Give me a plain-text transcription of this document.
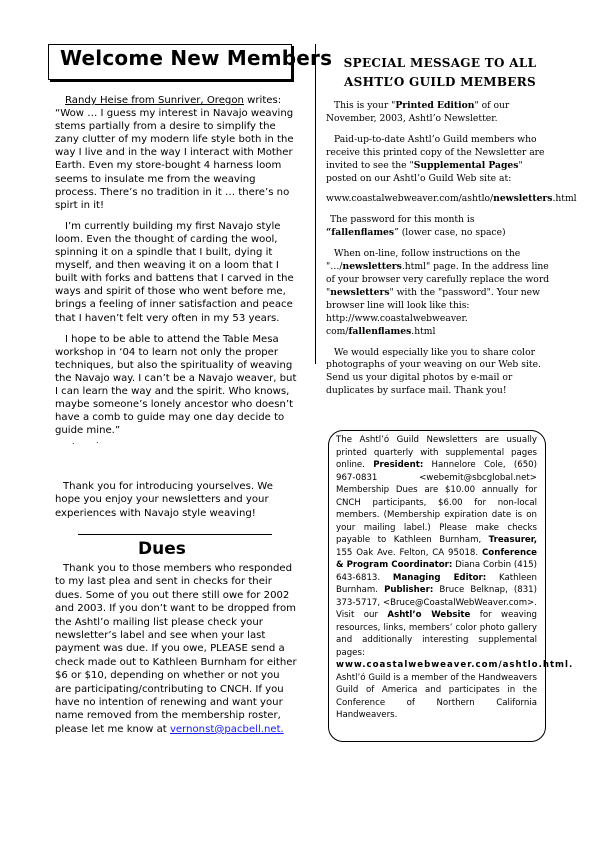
Welcome New Members

Randy Heise from Sunriver, Oregon writes: “Wow … I guess my interest in Navajo weaving stems partially from a desire to simplify the zany clutter of my modern life style both in the way I live and in the way I interact with Mother Earth. Even my store-bought 4 harness loom seems to insulate me from the weaving process. There’s no tradition in it … there’s no spirt in it!

I’m currently building my first Navajo style loom. Even the thought of carding the wool, spinning it on a spindle that I built, dying it myself, and then weaving it on a loom that I built with forks and battens that I carved in the ways and spirit of those who went before me, brings a feeling of inner satisfaction and peace that I haven’t felt very often in my 53 years.

I hope to be able to attend the Table Mesa workshop in ‘04 to learn not only the proper techniques, but also the spirituality of weaving the Navajo way. I can’t be a Navajo weaver, but I can learn the way and the spirit. Who knows, maybe someone’s lonely ancestor who doesn’t have a comb to guide may one day decide to guide mine.”

.	.

Thank you for introducing yourselves. We hope you enjoy your newsletters and your experiences with Navajo style weaving!

Dues

Thank you to those members who responded to my last plea and sent in checks for their dues. Some of you out there still owe for 2002 and 2003. If you don’t want to be dropped from the Ashtl’o mailing list please check your newsletter’s label and see when your last payment was due. If you owe, PLEASE send a check made out to Kathleen Burnham for either $6 or $10, depending on whether or not you are participating/contributing to CNCH. If you have no intention of renewing and want your name removed from the membership roster, please let me know at vernonst@pacbell.net.

SPECIAL MESSAGE TO ALL
ASHTL’O GUILD MEMBERS

This is your "Printed Edition" of our November, 2003, Ashtl’o Newsletter.

Paid-up-to-date Ashtl’o Guild members who receive this printed copy of the Newsletter are invited to see the "Supplemental Pages" posted on our Ashtl’o Guild Web site at:

www.coastalwebweaver.com/ashtlo/newsletters.html

The password for this month is
“fallenflames” (lower case, no space)

When on-line, follow instructions on the "…/newsletters.html" page. In the address line of your browser very carefully replace the word "newsletters" with the "password". Your new browser line will look like this: http://www.coastalwebweaver. com/fallenflames.html

We would especially like you to share color photographs of your weaving on our Web site. Send us your digital photos by e-mail or duplicates by surface mail. Thank you!

The Ashtl’ó Guild Newsletters are usually printed quarterly with supplemental pages online. President: Hannelore Cole, (650) 967-0831 <webemit@sbcglobal.net> Membership Dues are $10.00 annually for CNCH participants, $6.00 for non-local members. (Membership expiration date is on your mailing label.) Please make checks payable to Kathleen Burnham, Treasurer, 155 Oak Ave. Felton, CA 95018. Conference & Program Coordinator: Diana Corbin (415) 643-6813. Managing Editor: Kathleen Burnham. Publisher: Bruce Belknap, (831) 373-5717, <Bruce@CoastalWebWeaver.com>. Visit our Ashtl’o Website for weaving resources, links, members’ color photo gallery and additionally interesting supplemental pages: www.coastalwebweaver.com/ashtlo.html. Ashtl’ó Guild is a member of the Handweavers Guild of America and participates in the Conference of Northern California Handweavers.
